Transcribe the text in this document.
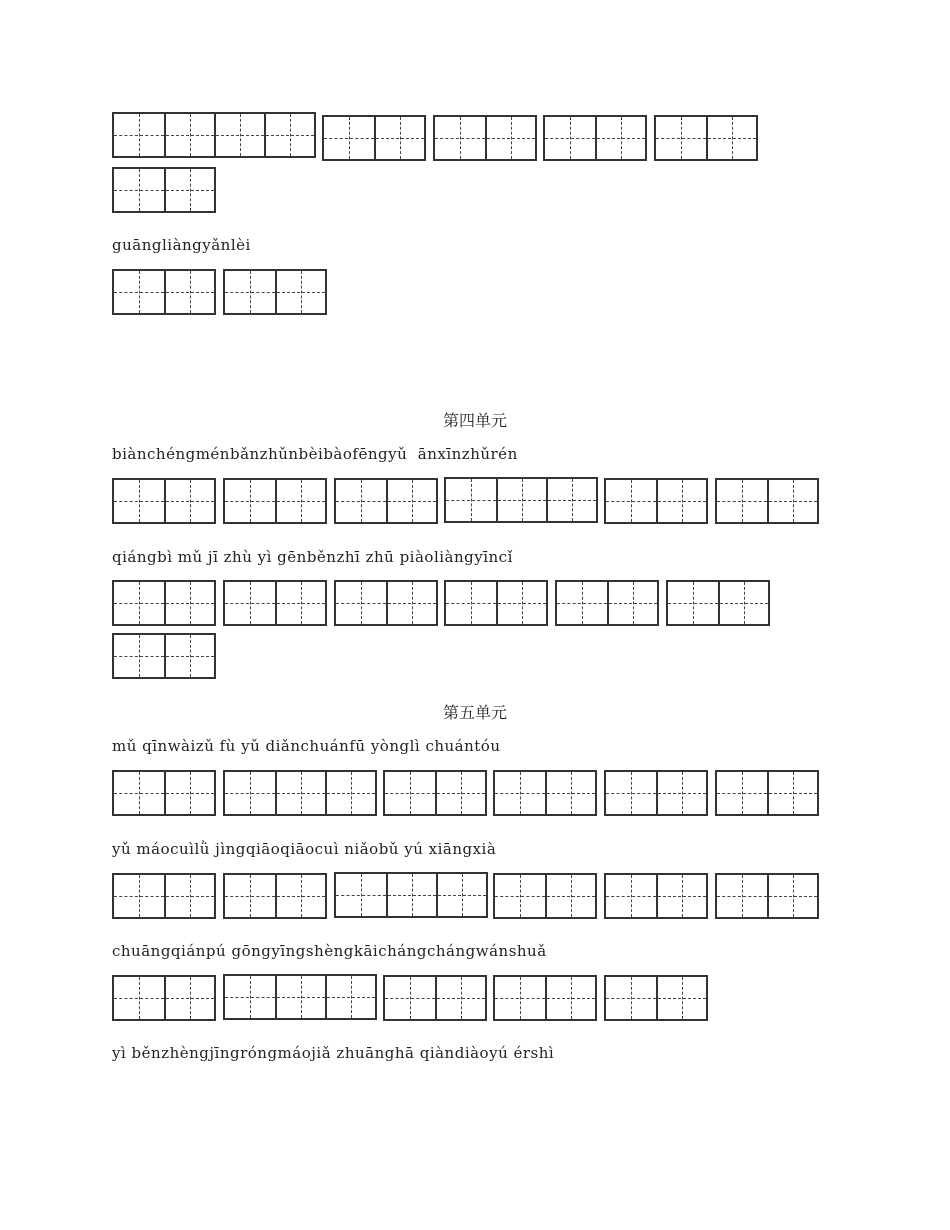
guāngliàngyǎnlèi
第四单元
biànchéngménbǎnzhǔnbèibàofēngyǔ  ānxīnzhǔrén
qiángbì mǔ jī zhù yì gēnběnzhī zhū piàoliàngyīncǐ
第五单元
mǔ qīnwàizǔ fù yǔ diǎnchuánfū yònglì chuántóu
yǔ máocuìlǜ jìngqiāoqiāocuì niǎobǔ yú xiāngxià
chuāngqiánpú gōngyīngshèngkāichángchángwánshuǎ
yì běnzhèngjīngróngmáojiǎ zhuānghā qiàndiàoyú érshì
